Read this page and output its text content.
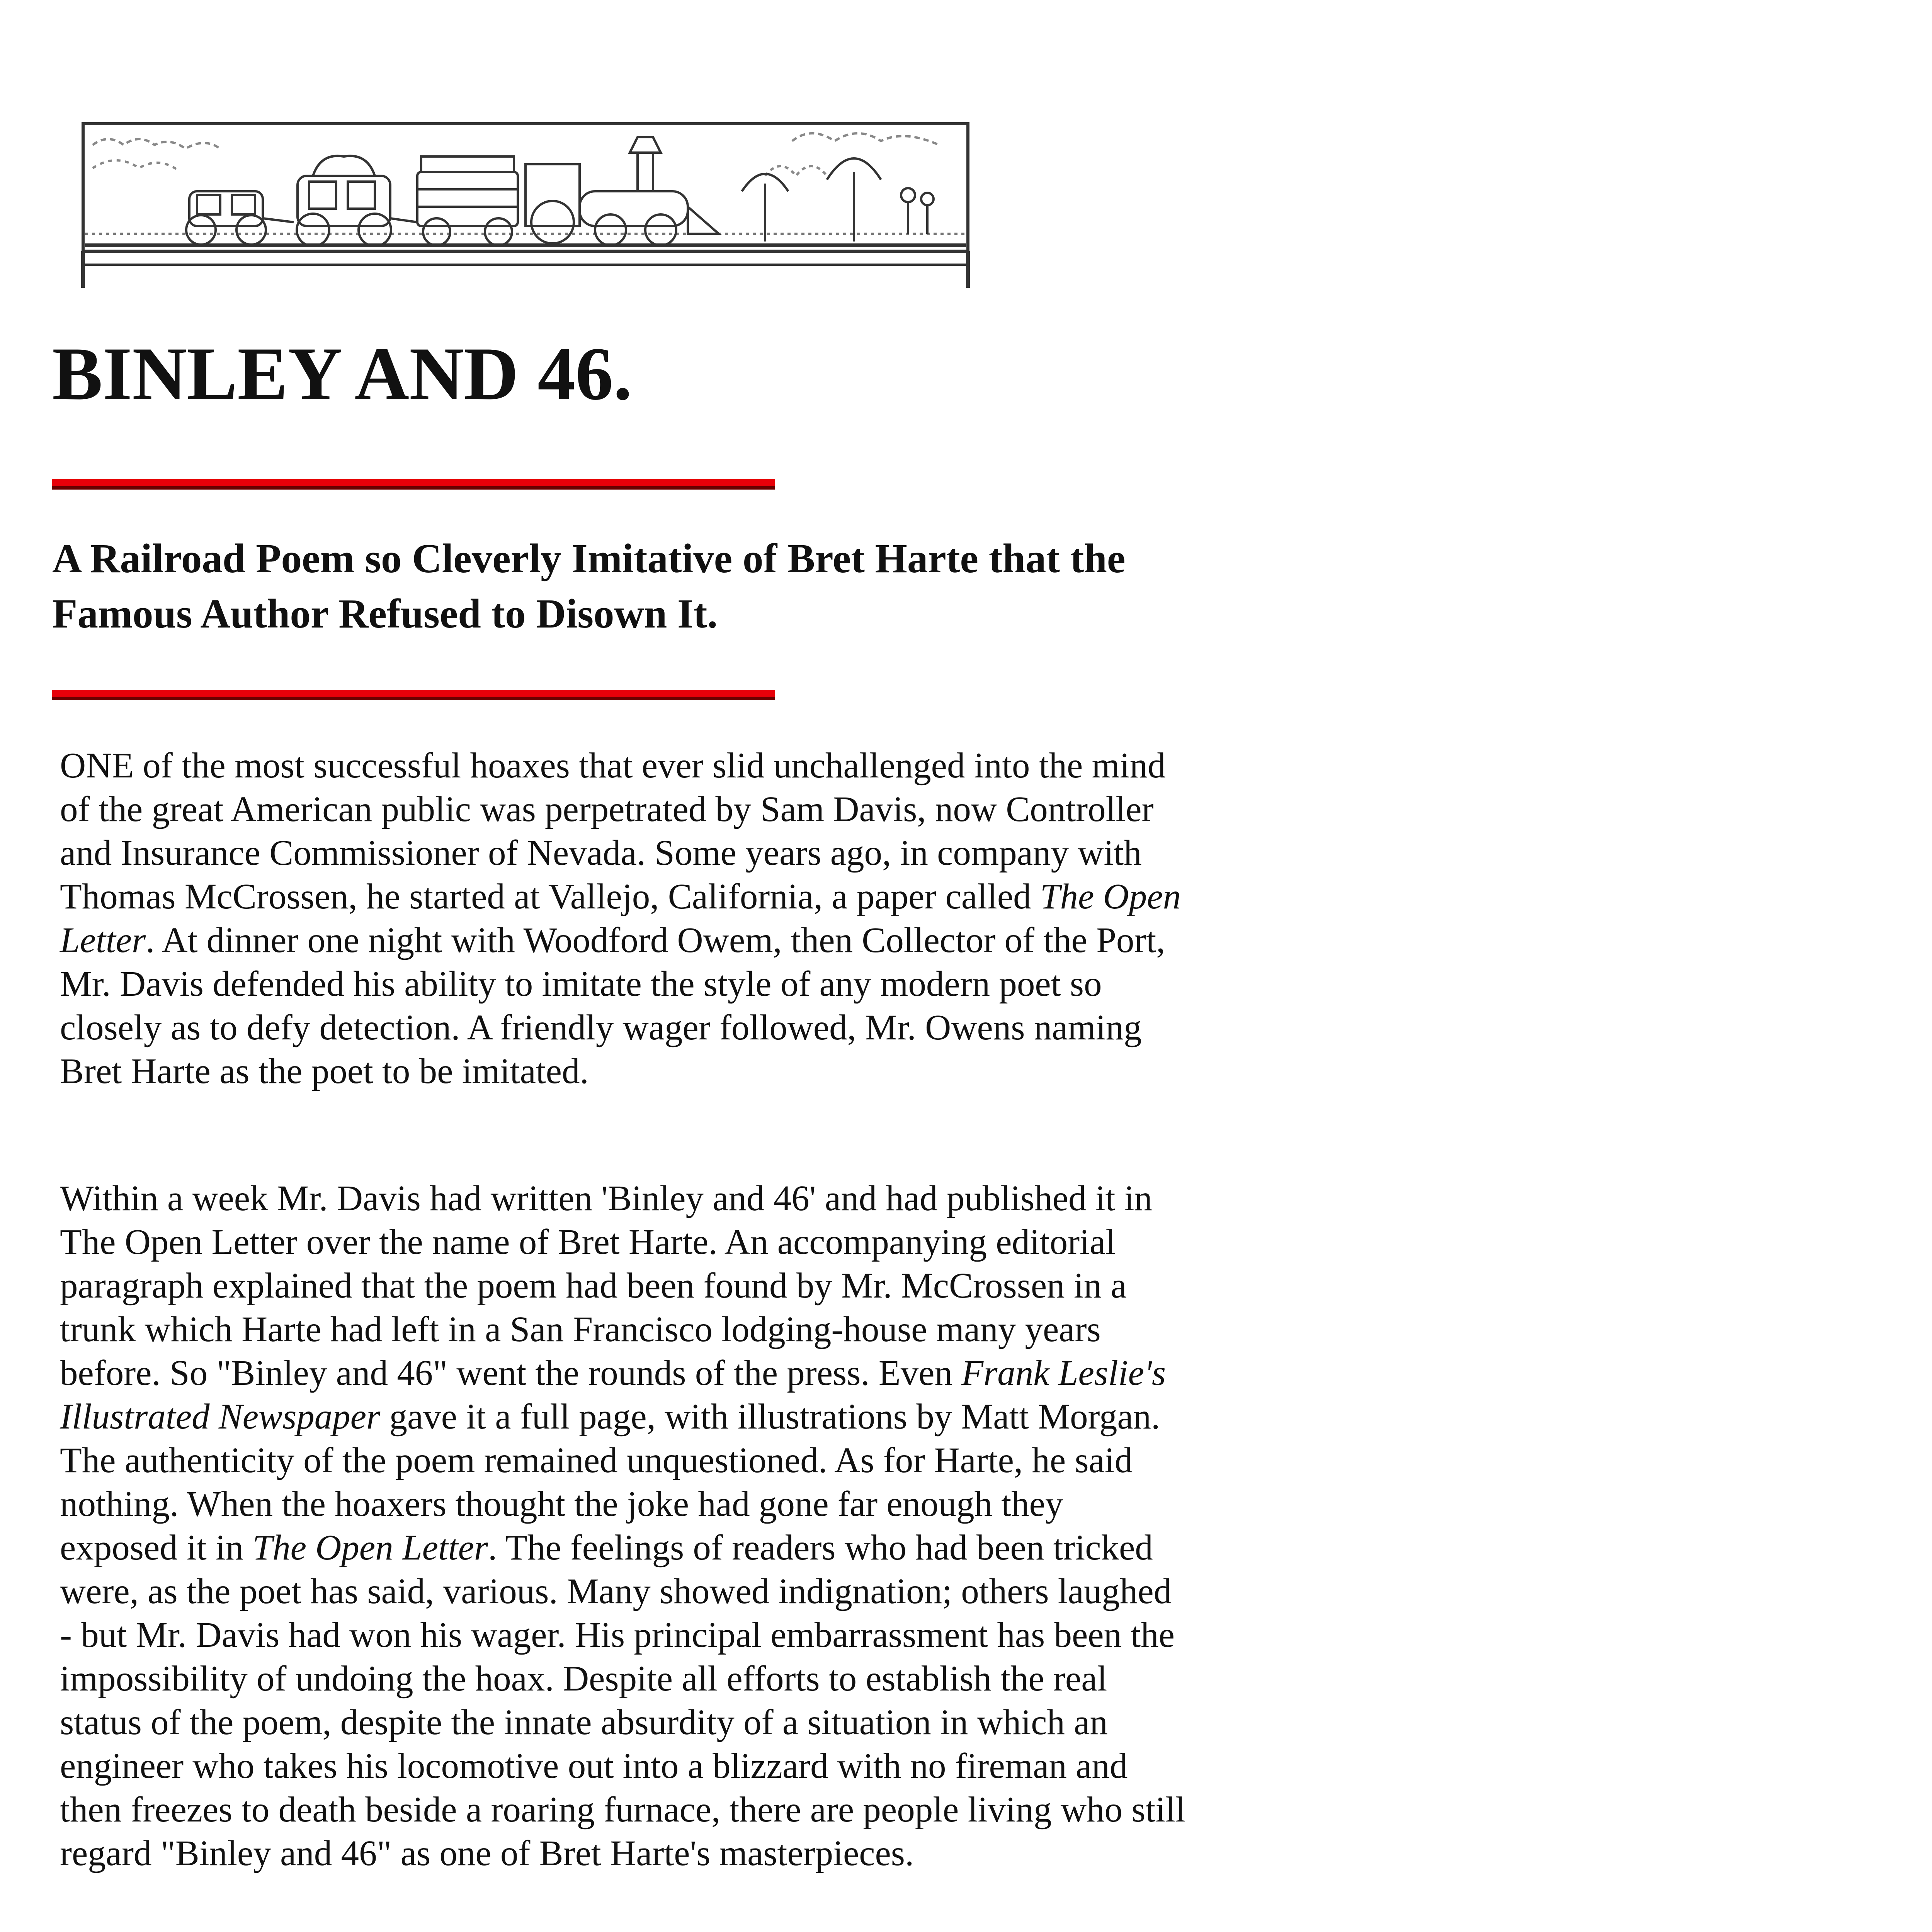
BINLEY AND 46.
A Railroad Poem so Cleverly Imitative of Bret Harte that the Famous Author Refused to Disown It.

ONE of the most successful hoaxes that ever slid unchallenged into the mind of the great American public was perpetrated by Sam Davis, now Controller and Insurance Commissioner of Nevada. Some years ago, in company with Thomas McCrossen, he started at Vallejo, California, a paper called The Open Letter. At dinner one night with Woodford Owem, then Collector of the Port, Mr. Davis defended his ability to imitate the style of any modern poet so closely as to defy detection. A friendly wager followed, Mr. Owens naming Bret Harte as the poet to be imitated.

Within a week Mr. Davis had written 'Binley and 46' and had published it in The Open Letter over the name of Bret Harte. An accompanying editorial paragraph explained that the poem had been found by Mr. McCrossen in a trunk which Harte had left in a San Francisco lodging-house many years before. So "Binley and 46" went the rounds of the press. Even Frank Leslie's Illustrated Newspaper gave it a full page, with illustrations by Matt Morgan. The authenticity of the poem remained unquestioned. As for Harte, he said nothing. When the hoaxers thought the joke had gone far enough they exposed it in The Open Letter. The feelings of readers who had been tricked were, as the poet has said, various. Many showed indignation; others laughed - but Mr. Davis had won his wager. His principal embarrassment has been the impossibility of undoing the hoax. Despite all efforts to establish the real status of the poem, despite the innate absurdity of a situation in which an engineer who takes his locomotive out into a blizzard with no fireman and then freezes to death beside a roaring furnace, there are people living who still regard "Binley and 46" as one of Bret Harte's masterpieces.
